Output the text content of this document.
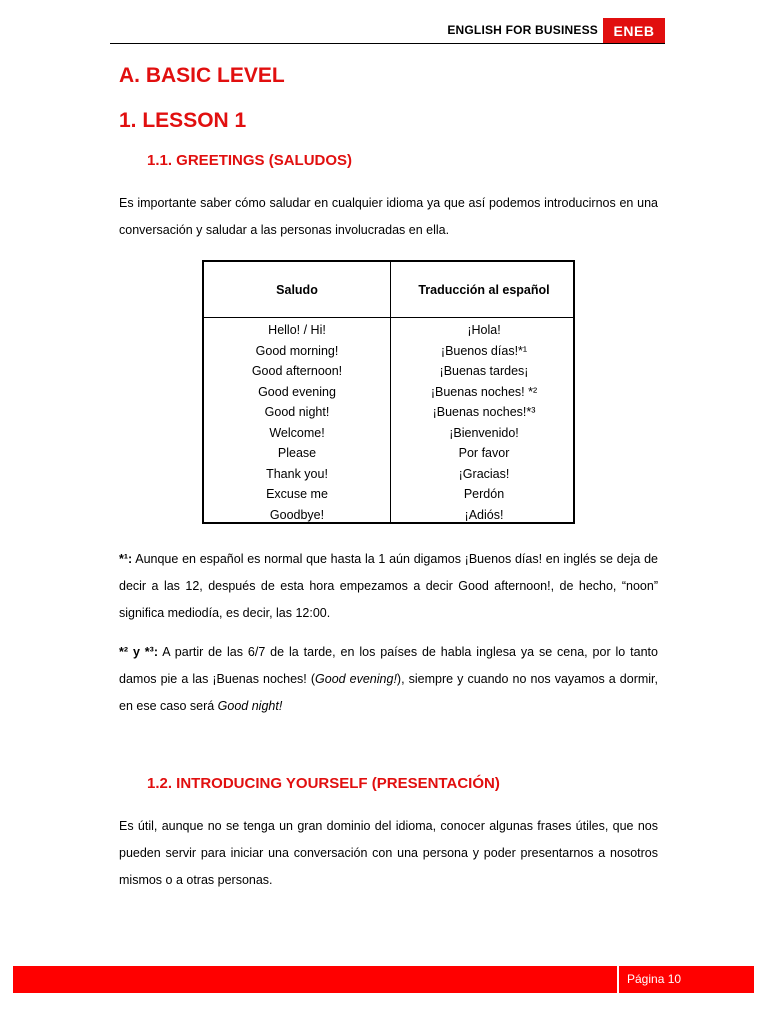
ENGLISH FOR BUSINESS	ENEB
A. BASIC LEVEL
1. LESSON 1
1.1. GREETINGS (SALUDOS)
Es importante saber cómo saludar en cualquier idioma ya que así podemos introducirnos en una conversación y saludar a las personas involucradas en ella.
Saludo	Traducción al español
Hello! / Hi!
Good morning!
Good afternoon!
Good evening
Good night!
Welcome!
Please
Thank you!
Excuse me
Goodbye!
¡Hola!
¡Buenos días!*¹
¡Buenas tardes¡
¡Buenas noches! *²
¡Buenas noches!*³
¡Bienvenido!
Por favor
¡Gracias!
Perdón
¡Adiós!
*¹: Aunque en español es normal que hasta la 1 aún digamos ¡Buenos días! en inglés se deja de decir a las 12, después de esta hora empezamos a decir Good afternoon!, de hecho, “noon” significa mediodía, es decir, las 12:00.
*² y *³: A partir de las 6/7 de la tarde, en los países de habla inglesa ya se cena, por lo tanto damos pie a las ¡Buenas noches! (Good evening!), siempre y cuando no nos vayamos a dormir, en ese caso será Good night!
1.2. INTRODUCING YOURSELF (PRESENTACIÓN)
Es útil, aunque no se tenga un gran dominio del idioma, conocer algunas frases útiles, que nos pueden servir para iniciar una conversación con una persona y poder presentarnos a nosotros mismos o a otras personas.
Página 10
